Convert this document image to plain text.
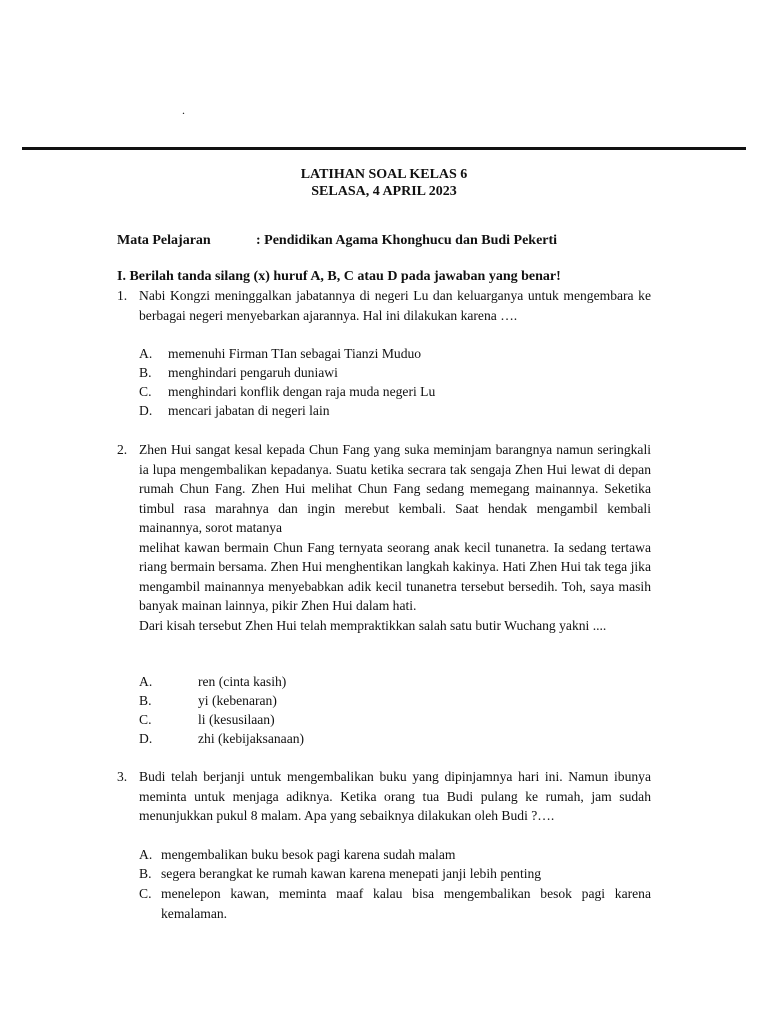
.
LATIHAN SOAL KELAS 6
SELASA, 4 APRIL 2023
Mata Pelajaran	: Pendidikan Agama Khonghucu dan Budi Pekerti
I. Berilah tanda silang (x) huruf A, B, C atau D pada jawaban yang benar!
1. Nabi Kongzi meninggalkan jabatannya di negeri Lu dan keluarganya untuk mengembara ke berbagai negeri menyebarkan ajarannya. Hal ini dilakukan karena ….
A. memenuhi Firman TIan sebagai Tianzi Muduo
B. menghindari pengaruh duniawi
C. menghindari konflik dengan raja muda negeri Lu
D. mencari jabatan di negeri lain
2. Zhen Hui sangat kesal kepada Chun Fang yang suka meminjam barangnya namun seringkali ia lupa mengembalikan kepadanya. Suatu ketika secrara tak sengaja Zhen Hui lewat di depan rumah Chun Fang. Zhen Hui melihat Chun Fang sedang memegang mainannya. Seketika timbul rasa marahnya dan ingin merebut kembali. Saat hendak mengambil kembali mainannya, sorot matanya

melihat kawan bermain Chun Fang ternyata seorang anak kecil tunanetra. Ia sedang tertawa riang bermain bersama. Zhen Hui menghentikan langkah kakinya. Hati Zhen Hui tak tega jika mengambil mainannya menyebabkan adik kecil tunanetra tersebut bersedih. Toh, saya masih banyak mainan lainnya, pikir Zhen Hui dalam hati.

Dari kisah tersebut Zhen Hui telah mempraktikkan salah satu butir Wuchang yakni ....

A.	ren (cinta kasih)
B.	yi (kebenaran)
C.	li (kesusilaan)
D.	zhi (kebijaksanaan)
3. Budi telah berjanji untuk mengembalikan buku yang dipinjamnya hari ini. Namun ibunya meminta untuk menjaga adiknya. Ketika orang tua Budi pulang ke rumah, jam sudah menunjukkan pukul 8 malam. Apa yang sebaiknya dilakukan oleh Budi ?….
A. mengembalikan buku besok pagi karena sudah malam
B. segera berangkat ke rumah kawan karena menepati janji lebih penting
C. menelepon kawan, meminta maaf kalau bisa mengembalikan besok pagi karena kemalaman.
